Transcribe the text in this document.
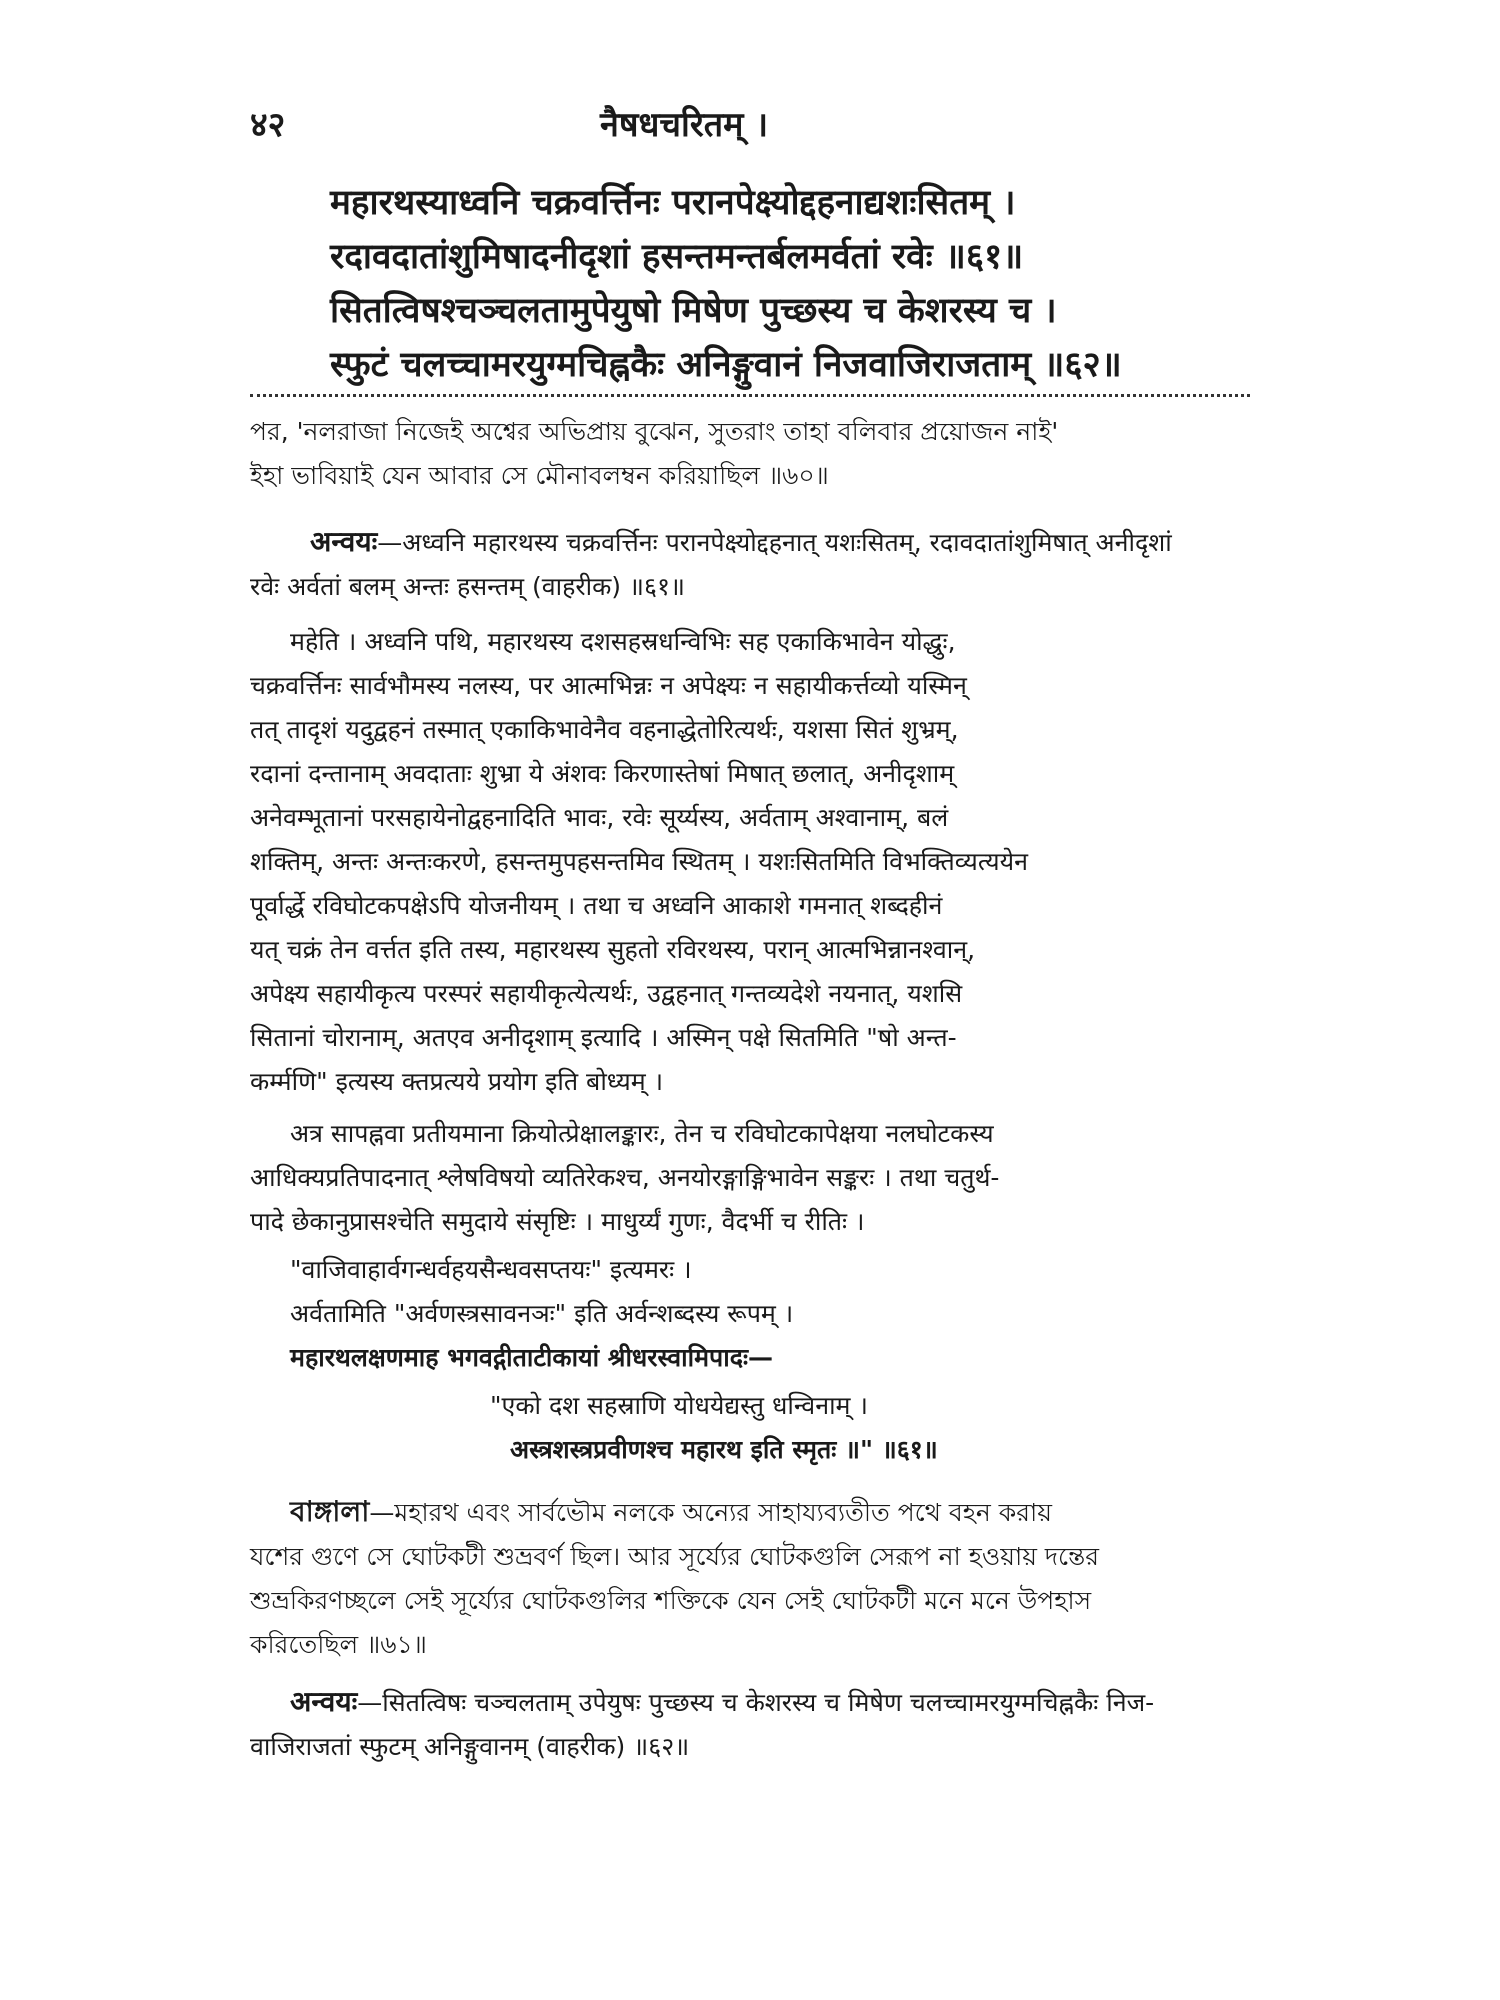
४२	नैषधचरितम् ।
महारथस्याध्वनि चक्रवर्त्तिनः परानपेक्ष्योद्दहनाद्यशःसितम् ।
रदावदातांशुमिषादनीदृशां हसन्तमन्तर्बलमर्वतां रवेः ॥६१॥
सितत्विषश्चञ्चलतामुपेयुषो मिषेण पुच्छस्य च केशरस्य च ।
स्फुटं चलच्चामरयुग्मचिह्नकैः अनिङ्गुवानं निजवाजिराजताम् ॥६२॥
পর, 'নলরাজা নিজেই অশ্বের অভিপ্রায় বুঝেন, সুতরাং তাহা বলিবার প্রয়োজন নাই'
ইহা ভাবিয়াই যেন আবার সে মৌনাবলম্বন করিয়াছিল ॥৬০॥
अन्वयः—अध्वनि महारथस्य चक्रवर्त्तिनः परानपेक्ष्योद्दहनात् यशःसितम्, रदावदातांशुमिषात् अनीदृशां
रवेः अर्वतां बलम् अन्तः हसन्तम् (वाहरीक) ॥६१॥
महेति । अध्वनि पथि, महारथस्य दशसहस्रधन्विभिः सह एकाकिभावेन योद्धुः,
चक्रवर्त्तिनः सार्वभौमस्य नलस्य, पर आत्मभिन्नः न अपेक्ष्यः न सहायीकर्त्तव्यो यस्मिन्
तत् तादृशं यदुद्वहनं तस्मात् एकाकिभावेनैव वहनाद्धेतोरित्यर्थः, यशसा सितं शुभ्रम्,
रदानां दन्तानाम् अवदाताः शुभ्रा ये अंशवः किरणास्तेषां मिषात् छलात्, अनीदृशाम्
अनेवम्भूतानां परसहायेनोद्वहनादिति भावः, रवेः सूर्य्यस्य, अर्वताम् अश्वानाम्, बलं
शक्तिम्, अन्तः अन्तःकरणे, हसन्तमुपहसन्तमिव स्थितम् । यशःसितमिति विभक्तिव्यत्ययेन
पूर्वार्द्धे रविघोटकपक्षेऽपि योजनीयम् । तथा च अध्वनि आकाशे गमनात् शब्दहीनं
यत् चक्रं तेन वर्त्तत इति तस्य, महारथस्य सुहतो रविरथस्य, परान् आत्मभिन्नानश्वान्,
अपेक्ष्य सहायीकृत्य परस्परं सहायीकृत्येत्यर्थः, उद्वहनात् गन्तव्यदेशे नयनात्, यशसि
सितानां चोरानाम्, अतएव अनीदृशाम् इत्यादि । अस्मिन् पक्षे सितमिति "षो अन्त-
कर्म्मणि" इत्यस्य क्तप्रत्यये प्रयोग इति बोध्यम् ।
अत्र सापह्नवा प्रतीयमाना क्रियोत्प्रेक्षालङ्कारः, तेन च रविघोटकापेक्षया नलघोटकस्य
आधिक्यप्रतिपादनात् श्लेषविषयो व्यतिरेकश्च, अनयोरङ्गाङ्गिभावेन सङ्करः । तथा चतुर्थ-
पादे छेकानुप्रासश्चेति समुदाये संसृष्टिः । माधुर्य्यं गुणः, वैदर्भी च रीतिः ।
"वाजिवाहार्वगन्धर्वहयसैन्धवसप्तयः" इत्यमरः ।
अर्वतामिति "अर्वणस्त्रसावनञः" इति अर्वन्शब्दस्य रूपम् ।
महारथलक्षणमाह भगवद्गीताटीकायां श्रीधरस्वामिपादः—
"एको दश सहस्राणि योधयेद्यस्तु धन्विनाम् ।
अस्त्रशस्त्रप्रवीणश्च महारथ इति स्मृतः ॥" ॥६१॥
বাঙ্গালা—মহারথ এবং সার্বভৌম নলকে অন্যের সাহায্যব্যতীত পথে বহন করায়
যশের গুণে সে ঘোটকটী শুভ্রবর্ণ ছিল। আর সূর্য্যের ঘোটকগুলি সেরূপ না হওয়ায় দন্তের
শুভ্রকিরণচ্ছলে সেই সূর্য্যের ঘোটকগুলির শক্তিকে যেন সেই ঘোটকটী মনে মনে উপহাস
করিতেছিল ॥৬১॥
अन्वयः—सितत्विषः चञ्चलताम् उपेयुषः पुच्छस्य च केशरस्य च मिषेण चलच्चामरयुग्मचिह्नकैः निज-
वाजिराजतां स्फुटम् अनिङ्गुवानम् (वाहरीक) ॥६२॥
